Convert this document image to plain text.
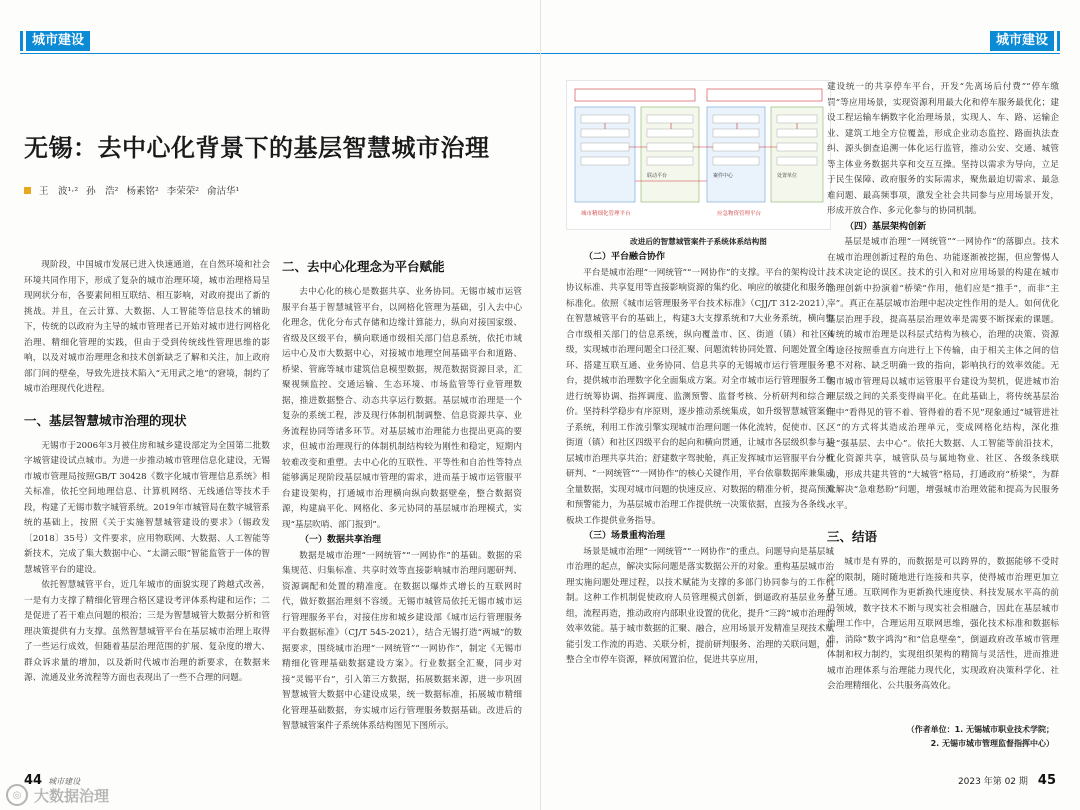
城市建设
无锡：去中心化背景下的基层智慧城市治理
王　波¹·² 孙　浩² 杨素铭² 李荣荣² 俞沽华¹

现阶段，中国城市发展已进入快速通道，在自然环境和社会环境共同作用下，形成了复杂的城市治理环境，城市治理格局呈现网状分布，各要素间相互联结、相互影响，对政府提出了新的挑战。并且，在云计算、大数据、人工智能等信息技术的辅助下，传统的以政府为主导的城市管理者已开始对城市进行网格化治理、精细化管理的实践，但由于受到传统线性管理思维的影响，以及对城市治理理念和技术创新缺乏了解和关注，加上政府部门间的壁垒，导致先进技术陷入“无用武之地”的窘境，制约了城市治理现代化进程。

一、基层智慧城市治理的现状

无锡市于2006年3月被住房和城乡建设部定为全国第二批数字城管建设试点城市。为进一步推动城市管理信息化建设，无锡市城市管理局按照GB/T 30428《数字化城市管理信息系统》相关标准，依托空间地理信息、计算机网络、无线通信等技术手段，构建了无锡市数字城管系统。2019年市城管局在数字城管系统的基础上，按照《关于实施智慧城管建设的要求》（锡政发〔2018〕35号）文件要求，应用物联网、大数据、人工智能等新技术，完成了集大数据中心、“太湖云眼”智能监管于一体的智慧城管平台的建设。

依托智慧城管平台，近几年城市的面貌实现了跨越式改善，一是有力支撑了精细化管理合格区建设考评体系构建和运作；二是促进了若干难点问题的根治；三是为智慧城管大数据分析和管理决策提供有力支撑。虽然智慧城管平台在基层城市治理上取得了一些运行成效，但随着基层治理范围的扩展、复杂度的增大、群众诉求量的增加，以及新时代城市治理的新要求，在数据来源、流通及业务流程等方面也表现出了一些不合理的问题。

二、去中心化理念为平台赋能

去中心化的核心是数据共享、业务协同。无锡市城市运管服平台基于智慧城管平台，以网格化管理为基础，引入去中心化理念，优化分布式存储和边缘计算能力，纵向对接国家级、省级及区级平台，横向联通市级相关部门信息系统，依托市域运中心及市大数据中心，对接城市地理空间基础平台和道路、桥梁、管廊等城市建筑信息模型数据，规范数据资源目录，汇聚视频监控、交通运输、生态环境、市场监管等行业管理数据，推进数据整合、动态共享运行数据。基层城市治理是一个复杂的系统工程，涉及现行体制机制调整、信息资源共享、业务流程协同等诸多环节。对基层城市治理能力也提出更高的要求，但城市治理现行的体制机制结构较为刚性和稳定，短期内较难改变和重塑。去中心化的互联性、平等性和自治性等特点能够满足现阶段基层城市管理的需求，进而基于城市运管服平台建设架构，打通城市治理横向纵向数据壁垒，整合数据资源，构建扁平化、网格化、多元协同的基层城市治理模式，实现“基层吹哨、部门报到”。

（一）数据共享治理

数据是城市治理“一网统管”“一网协作”的基础。数据的采集规范、归集标准、共享时效等直接影响城市治理问题研判、资源调配和处置的精准度。在数据以爆炸式增长的互联网时代，做好数据治理刻不容缓。无锡市城管局依托无锡市城市运行管理服务平台，对接住房和城乡建设部《城市运行管理服务平台数据标准》（CJ/T 545-2021），结合无锡打造“两城”的数据要求，围绕城市治理“一网统管”“一网协作”，制定《无锡市精细化管理基础数据建设方案》。行业数据全汇聚，同步对接“灵锡平台”，引入第三方数据，拓展数据来源，进一步巩固智慧城管大数据中心建设成果，统一数据标准，拓展城市精细化管理基础数据，夯实城市运行管理服务数据基础。改进后的智慧城管案件子系统体系结构图见下图所示。

44 城市建设
◎ 大数据治理
城市建设
城市精细化管理平台	应急物资管理平台
联动平台	案件中心	处置单位
改进后的智慧城管案件子系统体系结构图
（二）平台融合协作

平台是城市治理“一网统管”“一网协作”的支撑。平台的架构设计、协议标准、共享复用等直接影响资源的集约化、响应的敏捷化和服务的标准化。依照《城市运管理服务平台技术标准》（CJJ/T 312-2021），在智慧城管平台的基础上，构建3大支撑系统和7大业务系统，横向整合市级相关部门的信息系统，纵向覆盖市、区、街道（镇）和社区4级，实现城市治理问题全口径汇聚、问题流转协同处置、问题处置全闭环、搭建互联互通、业务协同、信息共享的无锡城市运行管理服务平台，提供城市治理数字化全面集成方案。对全市城市运行管理服务工作进行统筹协调、指挥调度、监测预警、监督考核、分析研判和综合评价。坚持科学稳步有序原则，逐步推动系统集成，如升级智慧城管案件子系统，利用工作流引擎实现城市治理问题一体化流转，促使市、区、街道（镇）和社区四级平台的起向和横向贯通，让城市各层级织参与基层城市治理共享共治；舒建数字驾驶舱，真正发挥城市运管服平台分析研判、“一网统管”“一网协作”的核心关键作用，平台依靠数据库兼集成全量数据，实现对城市问题的快速反应、对数据的精准分析，提高预测和预警能力，为基层城市治理工作提供统一决策依据，直接为各条线、板块工作提供业务指导。

（三）场景重构治理

场景是城市治理“一网统管”“一网协作”的重点。问题导向是基层城市治理的起点，解决实际问题是落实数据公开的对象。重构基层城市治理实施问题处理过程，以技术赋能为支撑的多部门协同参与的工作机制。这种工作机制促使政府人员管理模式创新，倒逼政府基层业务重组，流程再造，推动政府内部职业设置的优化，提升“三跨”城市治理的效率效能。基于城市数据的汇聚、融合，应用场景开发精准呈现技术赋能引发工作流的再造、关联分析，提前研判服务、治理的关联问题，如整合全市停车资源，释放闲置泊位，促进共享应用，

建设统一的共享停车平台，开发“先离场后付费”“停车缴罚”等应用场景，实现资源利用最大化和停车服务最优化；建设工程运输车辆数字化治理场景，实现人、车、路、运输企业、建筑工地全方位覆盖，形成企业动态监控、路面执法查纠、源头倒查追溯一体化运行监管，推动公安、交通、城管等主体业务数据共享和交互互操。坚持以需求为导向，立足于民生保障、政府服务的实际需求，聚焦最迫切需求、最急难问题、最高频事项，激发全社会共同参与应用场景开发，形成开放合作、多元化参与的协同机制。

（四）基层架构创新

基层是城市治理“一网统管”“一网协作”的落脚点。技术在城市治理创新过程的角色、功能逐渐被挖掘，但应警惕人技术决定论的误区。技术的引入和对应用场景的构建在城市治理创新中扮演着“桥梁”作用，他们应是“推手”，而非“主宰”。真正在基层城市治理中起决定性作用的是人。如何优化基层治理手段，提高基层治理效率是需要不断探索的课题。传统的城市治理是以科层式结构为核心，治理的决策、资源与途径按照垂直方向进行上下传输，由于相关主体之间的信息不对称、缺乏明确一致的指向，影响执行的效率效能。无锡市城市管理局以城市运管服平台建设为契机，促进城市治理层级之间的关系变得扁平化。在此基础上，将传统基层治理中“看得见的管不着、管得着的看不见”现象通过“城管进社区”的方式将其造成治理单元，变成网格化结构，深化推进“强基层、去中心”。依托大数据、人工智能等前沿技术，优化资源共享，城管队员与属地物业、社区、各级条线联动，形成共建共管的“大城管”格局，打通政府“桥梁”，为群众解决“急难愁盼”问题，增强城市治理效能和提高为民服务水平。

三、结语

城市是有界的，而数据是可以跨界的，数据能够不受时空的限制，随时随地进行连接和共享，使得城市治理更加立体互通。互联网作为更新换代速度快、科技发展水平高的前沿领域，数字技术不断与现实社会相融合，因此在基层城市治理工作中，合理运用互联网思维，强化技术标准和数据标准，消除“数字鸿沟”和“信息壁垒”，倒逼政府改革城市管理体制和权力制约，实现组织架构的精简与灵活性，进而推进城市治理体系与治理能力现代化，实现政府决策科学化、社会治理精细化、公共服务高效化。

（作者单位：1. 无锡城市职业技术学院；
2. 无锡市城市管理监督指挥中心）
2023 年第 02 期 45
